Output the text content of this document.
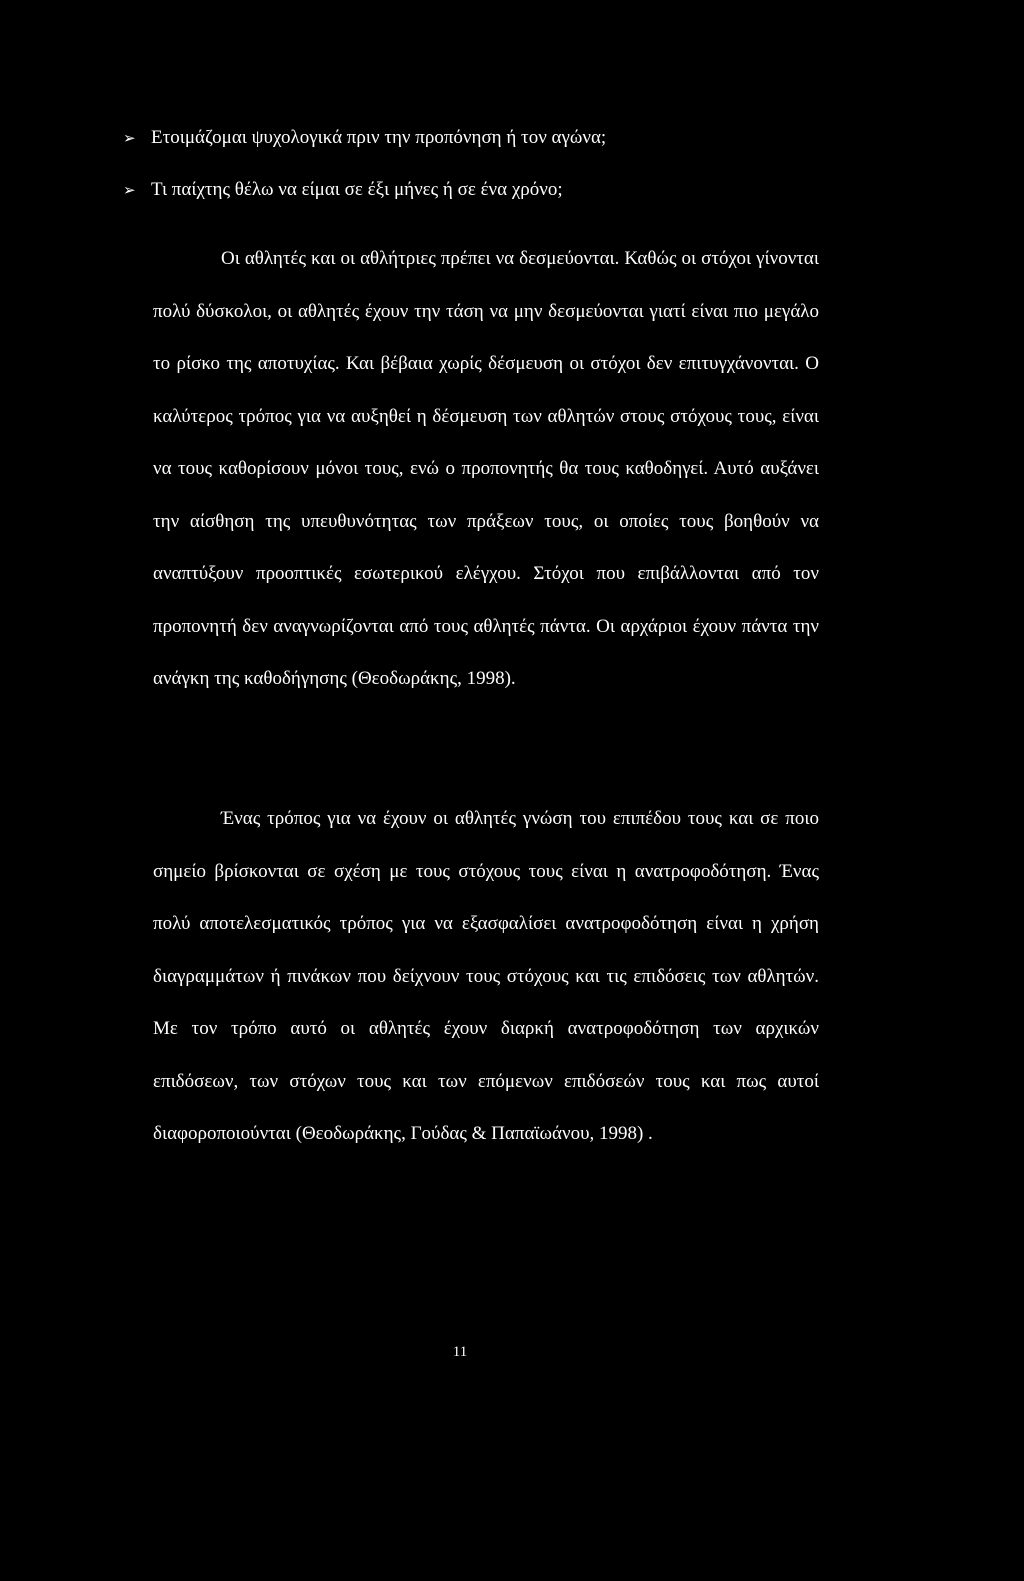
➢ Ετοιμάζομαι ψυχολογικά πριν την προπόνηση ή τον αγώνα;
➢ Τι παίχτης θέλω να είμαι σε έξι μήνες ή σε ένα χρόνο;

Οι αθλητές και οι αθλήτριες πρέπει να δεσμεύονται. Καθώς οι στόχοι γίνονται πολύ δύσκολοι, οι αθλητές έχουν την τάση να μην δεσμεύονται γιατί είναι πιο μεγάλο το ρίσκο της αποτυχίας. Και βέβαια χωρίς δέσμευση οι στόχοι δεν επιτυγχάνονται. Ο καλύτερος τρόπος για να αυξηθεί η δέσμευση των αθλητών στους στόχους τους, είναι να τους καθορίσουν μόνοι τους, ενώ ο προπονητής θα τους καθοδηγεί. Αυτό αυξάνει την αίσθηση της υπευθυνότητας των πράξεων τους, οι οποίες τους βοηθούν να αναπτύξουν προοπτικές εσωτερικού ελέγχου. Στόχοι που επιβάλλονται από τον προπονητή δεν αναγνωρίζονται από τους αθλητές πάντα. Οι αρχάριοι έχουν πάντα την ανάγκη της καθοδήγησης (Θεοδωράκης, 1998).

Ένας τρόπος για να έχουν οι αθλητές γνώση του επιπέδου τους και σε ποιο σημείο βρίσκονται σε σχέση με τους στόχους τους είναι η ανατροφοδότηση. Ένας πολύ αποτελεσματικός τρόπος για να εξασφαλίσει ανατροφοδότηση είναι η χρήση διαγραμμάτων ή πινάκων που δείχνουν τους στόχους και τις επιδόσεις των αθλητών. Με τον τρόπο αυτό οι αθλητές έχουν διαρκή ανατροφοδότηση των αρχικών επιδόσεων, των στόχων τους και των επόμενων επιδόσεών τους και πως αυτοί διαφοροποιούνται (Θεοδωράκης, Γούδας & Παπαϊωάνου, 1998) .

11
